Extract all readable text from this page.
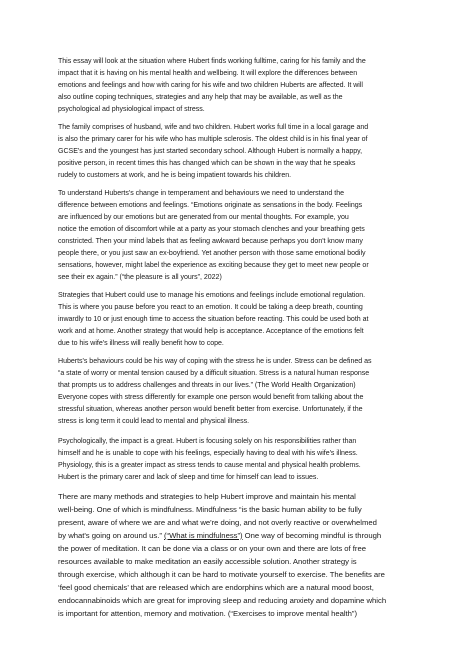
This essay will look at the situation where Hubert finds working fulltime, caring for his family and the
impact that it is having on his mental health and wellbeing. It will explore the differences between
emotions and feelings and how with caring for his wife and two children Huberts are affected. It will
also outline coping techniques, strategies and any help that may be available, as well as the
psychological ad physiological impact of stress.

The family comprises of husband, wife and two children. Hubert works full time in a local garage and
is also the primary carer for his wife who has multiple sclerosis. The oldest child is in his final year of
GCSE's and the youngest has just started secondary school. Although Hubert is normally a happy,
positive person, in recent times this has changed which can be shown in the way that he speaks
rudely to customers at work, and he is being impatient towards his children.

To understand Huberts's change in temperament and behaviours we need to understand the
difference between emotions and feelings. “Emotions originate as sensations in the body. Feelings
are influenced by our emotions but are generated from our mental thoughts. For example, you
notice the emotion of discomfort while at a party as your stomach clenches and your breathing gets
constricted. Then your mind labels that as feeling awkward because perhaps you don't know many
people there, or you just saw an ex-boyfriend. Yet another person with those same emotional bodily
sensations, however, might label the experience as exciting because they get to meet new people or
see their ex again.” (“the pleasure is all yours”, 2022)

Strategies that Hubert could use to manage his emotions and feelings include emotional regulation.
This is where you pause before you react to an emotion. It could be taking a deep breath, counting
inwardly to 10 or just enough time to access the situation before reacting. This could be used both at
work and at home. Another strategy that would help is acceptance. Acceptance of the emotions felt
due to his wife's illness will really benefit how to cope.

Huberts's behaviours could be his way of coping with the stress he is under. Stress can be defined as
“a state of worry or mental tension caused by a difficult situation. Stress is a natural human response
that prompts us to address challenges and threats in our lives.” (The World Health Organization)
Everyone copes with stress differently for example one person would benefit from talking about the
stressful situation, whereas another person would benefit better from exercise. Unfortunately, if the
stress is long term it could lead to mental and physical illness.

Psychologically, the impact is a great. Hubert is focusing solely on his responsibilities rather than
himself and he is unable to cope with his feelings, especially having to deal with his wife's illness.
Physiology, this is a greater impact as stress tends to cause mental and physical health problems.
Hubert is the primary carer and lack of sleep and time for himself can lead to issues.

There are many methods and strategies to help Hubert improve and maintain his mental
well-being. One of which is mindfulness. Mindfulness “is the basic human ability to be fully
present, aware of where we are and what we're doing, and not overly reactive or overwhelmed
by what's going on around us.” (“What is mindfulness”) One way of becoming mindful is through
the power of meditation. It can be done via a class or on your own and there are lots of free
resources available to make meditation an easily accessible solution. Another strategy is
through exercise, which although it can be hard to motivate yourself to exercise. The benefits are
‘feel good chemicals’ that are released which are endorphins which are a natural mood boost,
endocannabinoids which are great for improving sleep and reducing anxiety and dopamine which
is important for attention, memory and motivation. (“Exercises to improve mental health”)
